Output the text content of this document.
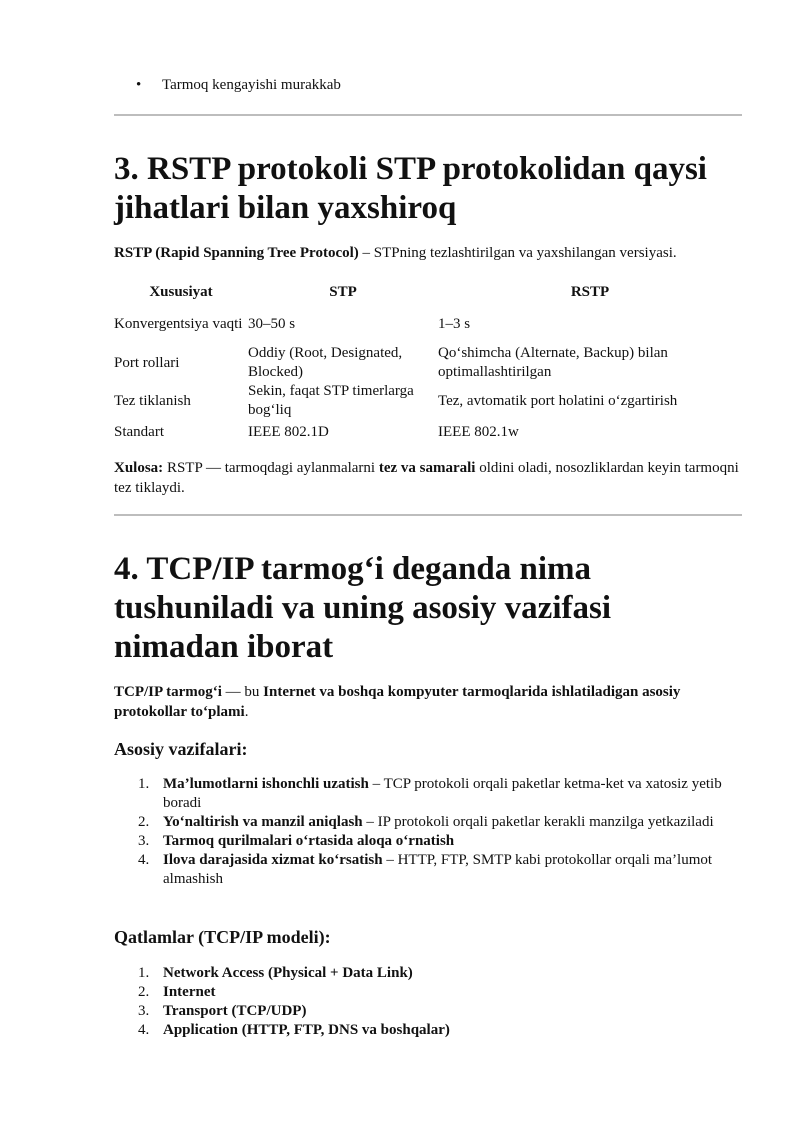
• Tarmoq kengayishi murakkab
3. RSTP protokoli STP protokolidan qaysi jihatlari bilan yaxshiroq

RSTP (Rapid Spanning Tree Protocol) – STPning tezlashtirilgan va yaxshilangan versiyasi.

Xususiyat	STP	RSTP
Konvergentsiya vaqti	30–50 s	1–3 s
Port rollari	Oddiy (Root, Designated, Blocked)	Qo‘shimcha (Alternate, Backup) bilan optimallashtirilgan
Tez tiklanish	Sekin, faqat STP timerlarga bog‘liq	Tez, avtomatik port holatini o‘zgartirish
Standart	IEEE 802.1D	IEEE 802.1w

Xulosa: RSTP — tarmoqdagi aylanmalarni tez va samarali oldini oladi, nosozliklardan keyin tarmoqni tez tiklaydi.

4. TCP/IP tarmog‘i deganda nima tushuniladi va uning asosiy vazifasi nimadan iborat

TCP/IP tarmog‘i — bu Internet va boshqa kompyuter tarmoqlarida ishlatiladigan asosiy protokollar to‘plami.

Asosiy vazifalari:
1. Ma’lumotlarni ishonchli uzatish – TCP protokoli orqali paketlar ketma-ket va xatosiz yetib boradi
2. Yo‘naltirish va manzil aniqlash – IP protokoli orqali paketlar kerakli manzilga yetkaziladi
3. Tarmoq qurilmalari o‘rtasida aloqa o‘rnatish
4. Ilova darajasida xizmat ko‘rsatish – HTTP, FTP, SMTP kabi protokollar orqali ma’lumot almashish
Qatlamlar (TCP/IP modeli):
1. Network Access (Physical + Data Link)
2. Internet
3. Transport (TCP/UDP)
4. Application (HTTP, FTP, DNS va boshqalar)
